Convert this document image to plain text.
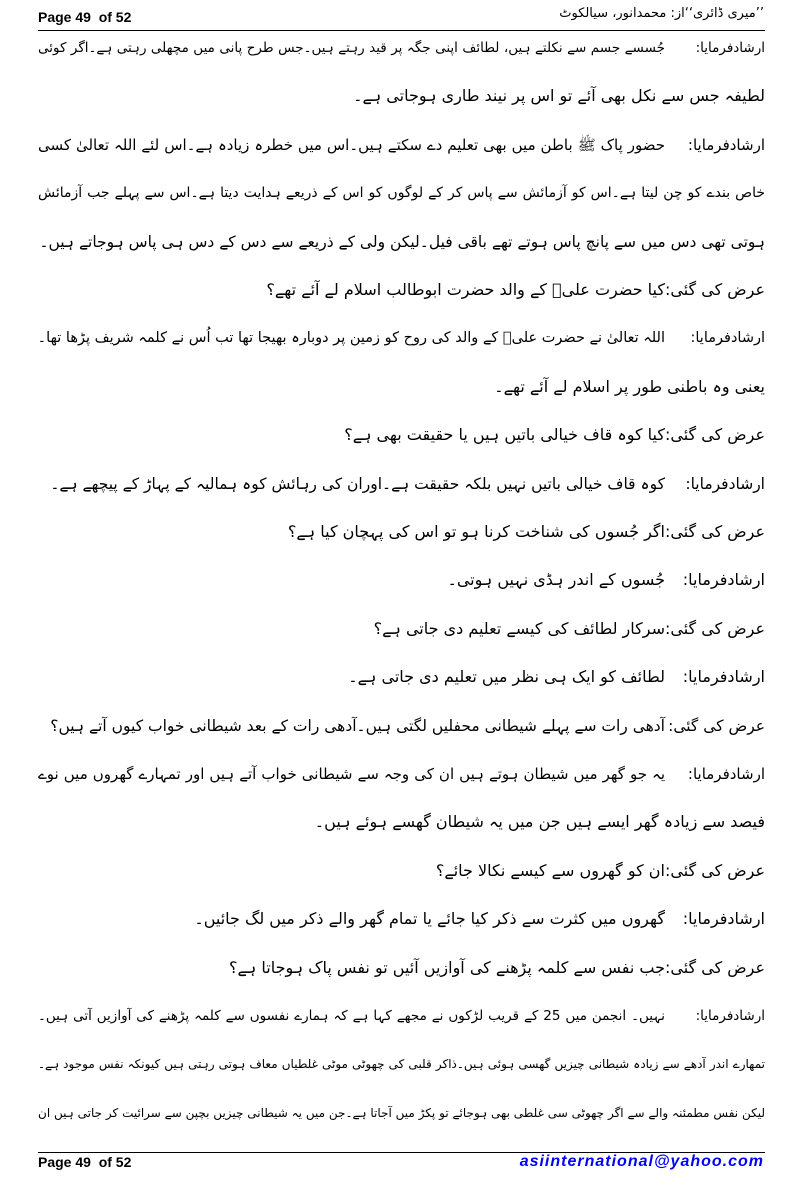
Page 49  of 52	’’میری ڈائری‘‘از: محمدانور، سیالکوٹ
ارشادفرمایا:جُسسے جسم سے نکلتے ہیں، لطائف اپنی جگہ پر قید رہتے ہیں۔جس طرح پانی میں مچھلی رہتی ہے۔اگر کوئی
لطیفہ جس سے نکل بھی آئے تو اس پر نیند طاری ہوجاتی ہے۔
ارشادفرمایا:حضور پاک ﷺ باطن میں بھی تعلیم دے سکتے ہیں۔اس میں خطرہ زیادہ ہے۔اس لئے اللہ تعالیٰ کسی
خاص بندے کو چن لیتا ہے۔اس کو آزمائش سے پاس کر کے لوگوں کو اس کے ذریعے ہدایت دیتا ہے۔اس سے پہلے جب آزمائش
ہوتی تھی دس میں سے پانچ پاس ہوتے تھے باقی فیل۔لیکن ولی کے ذریعے سے دس کے دس ہی پاس ہوجاتے ہیں۔
عرض کی گئی:کیا حضرت علیؓ کے والد حضرت ابوطالب اسلام لے آئے تھے؟
ارشادفرمایا:اللہ تعالیٰ نے حضرت علیؓ کے والد کی روح کو زمین پر دوبارہ بھیجا تھا تب اُس نے کلمہ شریف پڑھا تھا۔
یعنی وہ باطنی طور پر اسلام لے آئے تھے۔
عرض کی گئی:کیا کوہ قاف خیالی باتیں ہیں یا حقیقت بھی ہے؟
ارشادفرمایا:کوہ قاف خیالی باتیں نہیں بلکہ حقیقت ہے۔اوران کی رہائش کوہ ہمالیہ کے پہاڑ کے پیچھے ہے۔
عرض کی گئی:اگر جُسوں کی شناخت کرنا ہو تو اس کی پہچان کیا ہے؟
ارشادفرمایا:جُسوں کے اندر ہڈی نہیں ہوتی۔
عرض کی گئی:سرکار لطائف کی کیسے تعلیم دی جاتی ہے؟
ارشادفرمایا:لطائف کو ایک ہی نظر میں تعلیم دی جاتی ہے۔
عرض کی گئی:آدھی رات سے پہلے شیطانی محفلیں لگتی ہیں۔آدھی رات کے بعد شیطانی خواب کیوں آتے ہیں؟
ارشادفرمایا:یہ جو گھر میں شیطان ہوتے ہیں ان کی وجہ سے شیطانی خواب آتے ہیں اور تمہارے گھروں میں نوے
فیصد سے زیادہ گھر ایسے ہیں جن میں یہ شیطان گھسے ہوئے ہیں۔
عرض کی گئی:ان کو گھروں سے کیسے نکالا جائے؟
ارشادفرمایا:گھروں میں کثرت سے ذکر کیا جائے یا تمام گھر والے ذکر میں لگ جائیں۔
عرض کی گئی:جب نفس سے کلمہ پڑھنے کی آوازیں آئیں تو نفس پاک ہوجاتا ہے؟
ارشادفرمایا:نہیں۔ انجمن میں 25 کے قریب لڑکوں نے مجھے کہا ہے کہ ہمارے نفسوں سے کلمہ پڑھنے کی آوازیں آتی ہیں۔
تمھارے اندر آدھے سے زیادہ شیطانی چیزیں گھسی ہوئی ہیں۔ذاکر قلبی کی چھوٹی موٹی غلطیاں معاف ہوتی رہتی ہیں کیونکہ نفس موجود ہے۔
لیکن نفس مطمئنہ والے سے اگر چھوٹی سی غلطی بھی ہوجائے تو پکڑ میں آجاتا ہے۔جن میں یہ شیطانی چیزیں بچپن سے سرائیت کر جاتی ہیں ان
Page 49  of 52	asiinternational@yahoo.com
